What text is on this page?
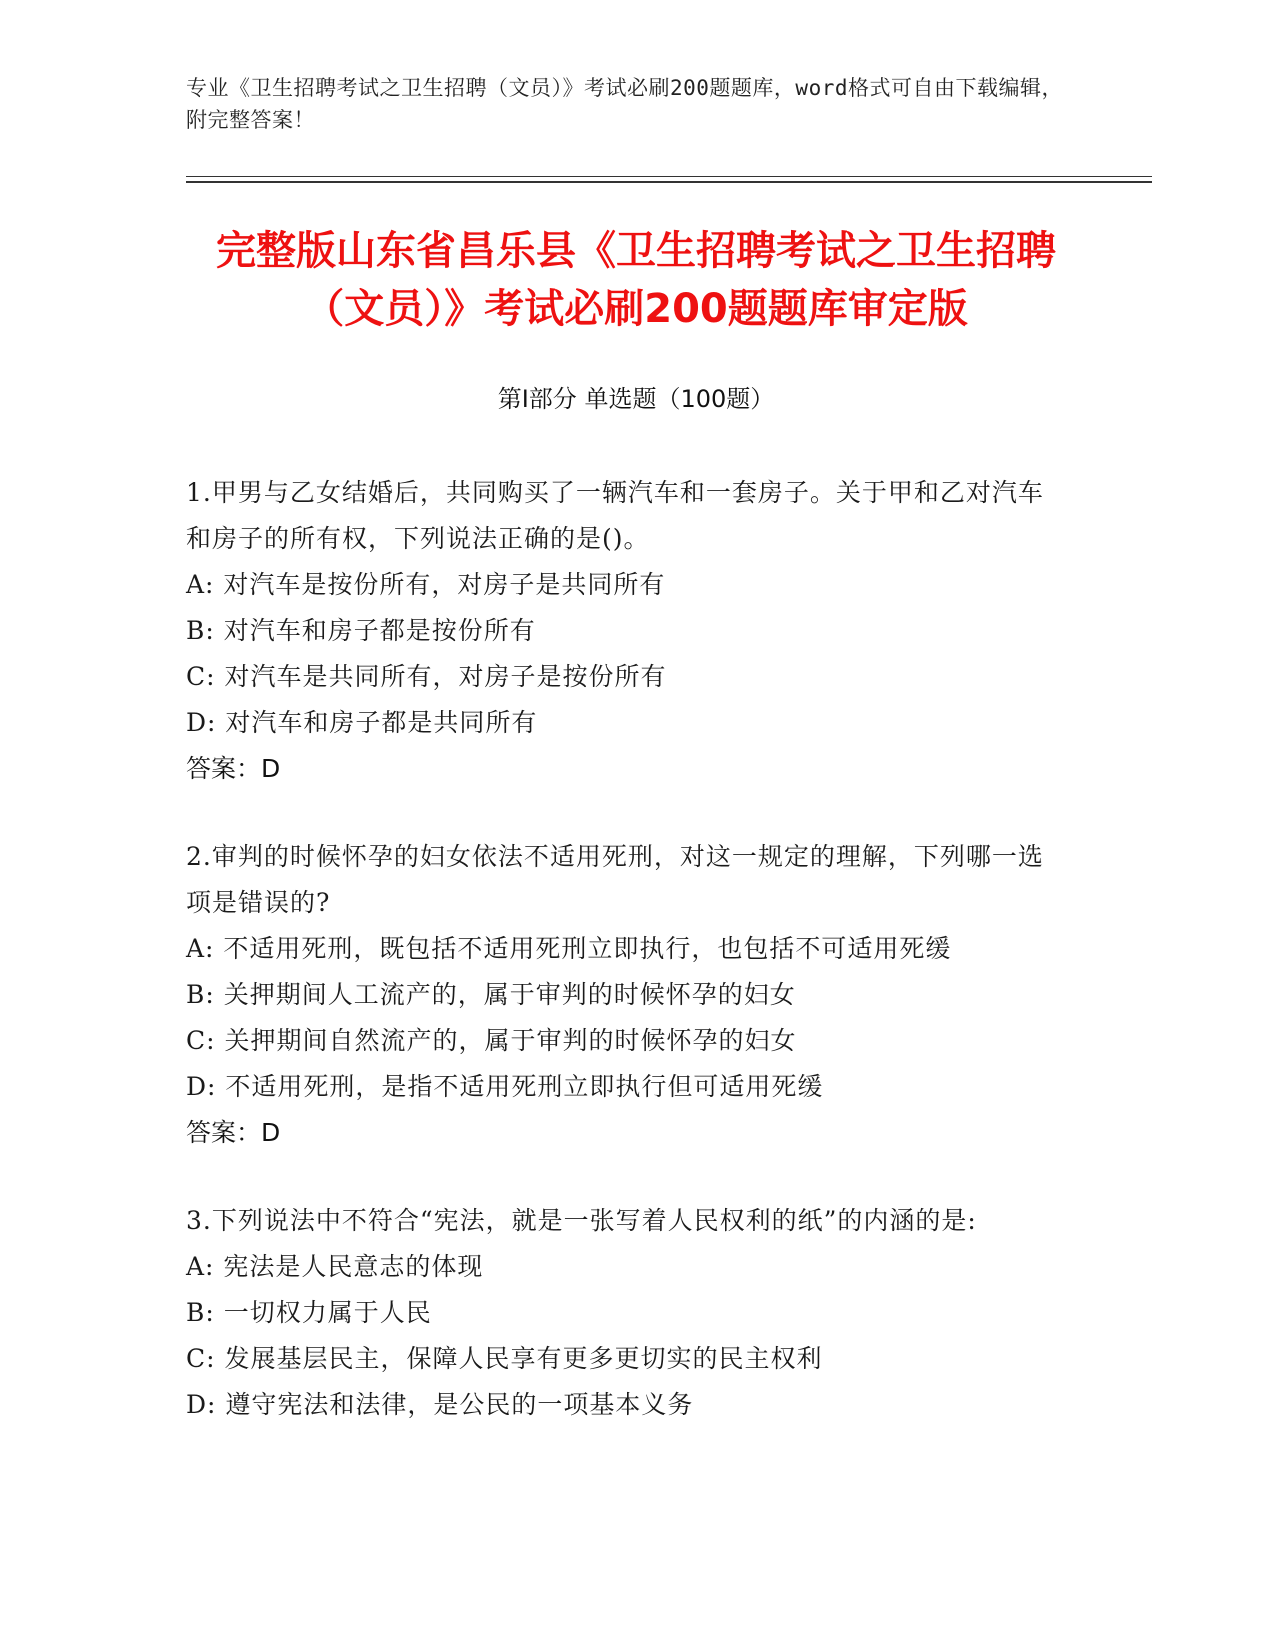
专业《卫生招聘考试之卫生招聘（文员）》考试必刷200题题库，word格式可自由下载编辑，附完整答案！
完整版山东省昌乐县《卫生招聘考试之卫生招聘（文员）》考试必刷200题题库审定版
第Ⅰ部分 单选题（100题）
1.甲男与乙女结婚后，共同购买了一辆汽车和一套房子。关于甲和乙对汽车和房子的所有权，下列说法正确的是()。
A: 对汽车是按份所有，对房子是共同所有
B: 对汽车和房子都是按份所有
C: 对汽车是共同所有，对房子是按份所有
D: 对汽车和房子都是共同所有
答案：D
2.审判的时候怀孕的妇女依法不适用死刑，对这一规定的理解，下列哪一选项是错误的?
A: 不适用死刑，既包括不适用死刑立即执行，也包括不可适用死缓
B: 关押期间人工流产的，属于审判的时候怀孕的妇女
C: 关押期间自然流产的，属于审判的时候怀孕的妇女
D: 不适用死刑，是指不适用死刑立即执行但可适用死缓
答案：D
3.下列说法中不符合“宪法，就是一张写着人民权利的纸”的内涵的是:
A: 宪法是人民意志的体现
B: 一切权力属于人民
C: 发展基层民主，保障人民享有更多更切实的民主权利
D: 遵守宪法和法律，是公民的一项基本义务
